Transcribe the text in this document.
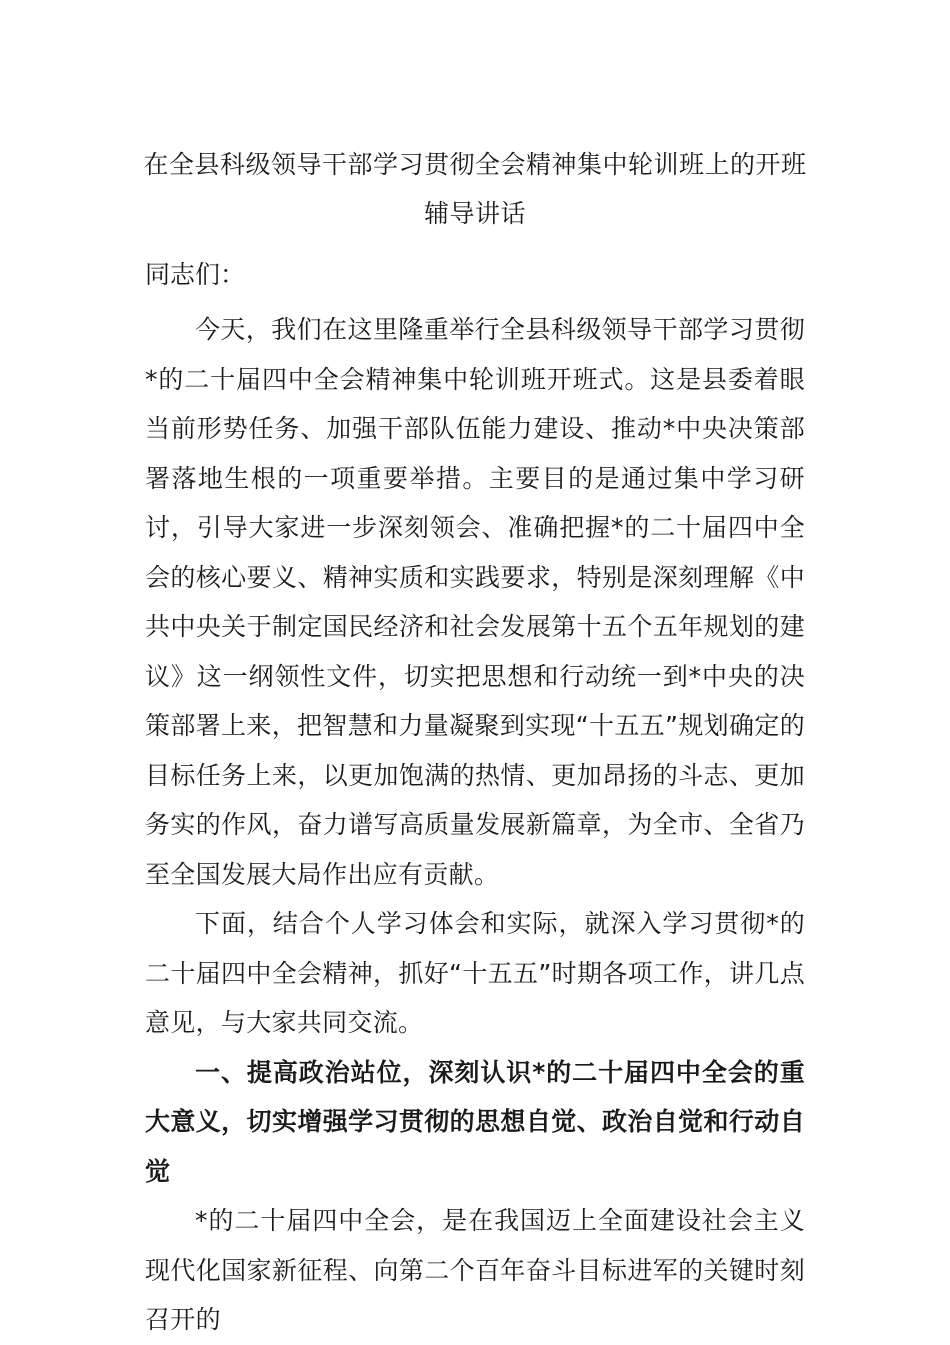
在全县科级领导干部学习贯彻全会精神集中轮训班上的开班辅导讲话
同志们：

今天，我们在这里隆重举行全县科级领导干部学习贯彻*的二十届四中全会精神集中轮训班开班式。这是县委着眼当前形势任务、加强干部队伍能力建设、推动*中央决策部署落地生根的一项重要举措。主要目的是通过集中学习研讨，引导大家进一步深刻领会、准确把握*的二十届四中全会的核心要义、精神实质和实践要求，特别是深刻理解《中共中央关于制定国民经济和社会发展第十五个五年规划的建议》这一纲领性文件，切实把思想和行动统一到*中央的决策部署上来，把智慧和力量凝聚到实现“十五五”规划确定的目标任务上来，以更加饱满的热情、更加昂扬的斗志、更加务实的作风，奋力谱写高质量发展新篇章，为全市、全省乃至全国发展大局作出应有贡献。

下面，结合个人学习体会和实际，就深入学习贯彻*的二十届四中全会精神，抓好“十五五”时期各项工作，讲几点意见，与大家共同交流。

一、提高政治站位，深刻认识*的二十届四中全会的重大意义，切实增强学习贯彻的思想自觉、政治自觉和行动自觉

*的二十届四中全会，是在我国迈上全面建设社会主义现代化国家新征程、向第二个百年奋斗目标进军的关键时刻召开的
